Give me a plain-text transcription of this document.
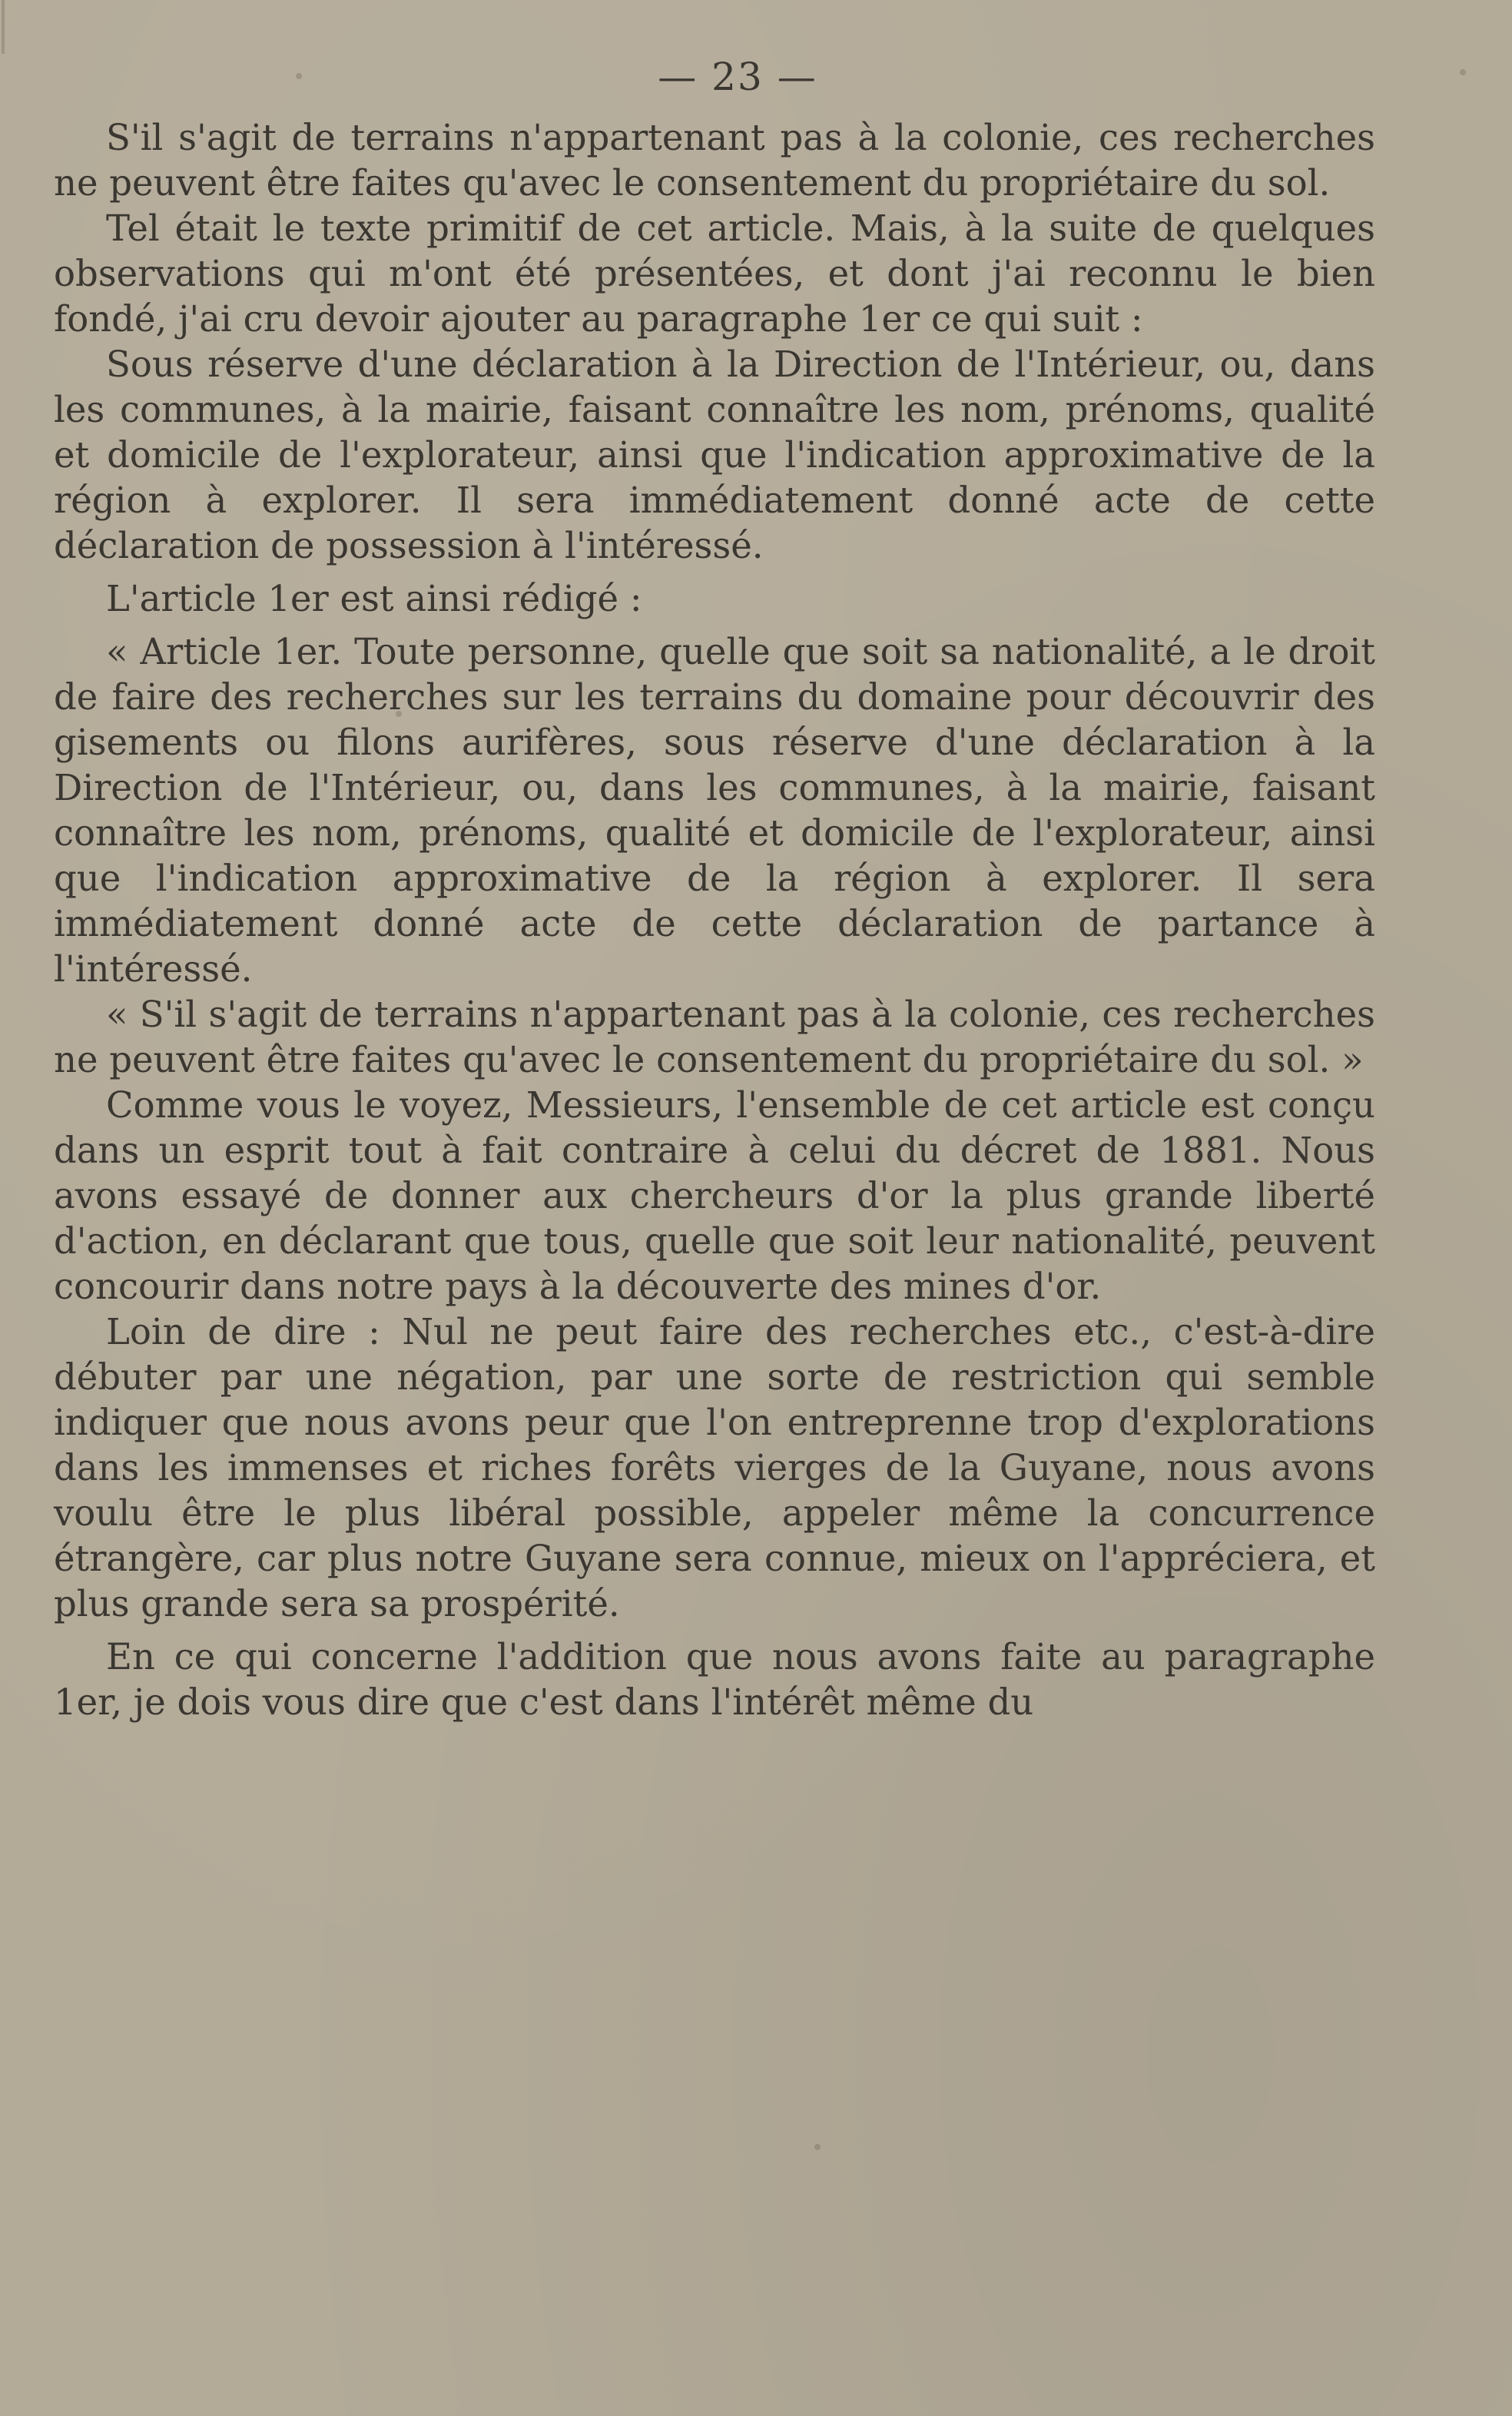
— 23 —

S'il s'agit de terrains n'appartenant pas à la colonie, ces recherches ne peuvent être faites qu'avec le consentement du propriétaire du sol.

Tel était le texte primitif de cet article. Mais, à la suite de quelques observations qui m'ont été présentées, et dont j'ai reconnu le bien fondé, j'ai cru devoir ajouter au paragraphe 1er ce qui suit :

Sous réserve d'une déclaration à la Direction de l'Intérieur, ou, dans les communes, à la mairie, faisant connaître les nom, prénoms, qualité et domicile de l'explorateur, ainsi que l'indication approximative de la région à explorer. Il sera immédiatement donné acte de cette déclaration de possession à l'intéressé.

L'article 1er est ainsi rédigé :

« Article 1er. Toute personne, quelle que soit sa nationalité, a le droit de faire des recherches sur les terrains du domaine pour découvrir des gisements ou filons aurifères, sous réserve d'une déclaration à la Direction de l'Intérieur, ou, dans les communes, à la mairie, faisant connaître les nom, prénoms, qualité et domicile de l'explorateur, ainsi que l'indication approximative de la région à explorer. Il sera immédiatement donné acte de cette déclaration de partance à l'intéressé.

« S'il s'agit de terrains n'appartenant pas à la colonie, ces recherches ne peuvent être faites qu'avec le consentement du propriétaire du sol. »

Comme vous le voyez, Messieurs, l'ensemble de cet article est conçu dans un esprit tout à fait contraire à celui du décret de 1881. Nous avons essayé de donner aux chercheurs d'or la plus grande liberté d'action, en déclarant que tous, quelle que soit leur nationalité, peuvent concourir dans notre pays à la découverte des mines d'or.

Loin de dire : Nul ne peut faire des recherches etc., c'est-à-dire débuter par une négation, par une sorte de restriction qui semble indiquer que nous avons peur que l'on entreprenne trop d'explorations dans les immenses et riches forêts vierges de la Guyane, nous avons voulu être le plus libéral possible, appeler même la concurrence étrangère, car plus notre Guyane sera connue, mieux on l'appréciera, et plus grande sera sa prospérité.

En ce qui concerne l'addition que nous avons faite au paragraphe 1er, je dois vous dire que c'est dans l'intérêt même du
